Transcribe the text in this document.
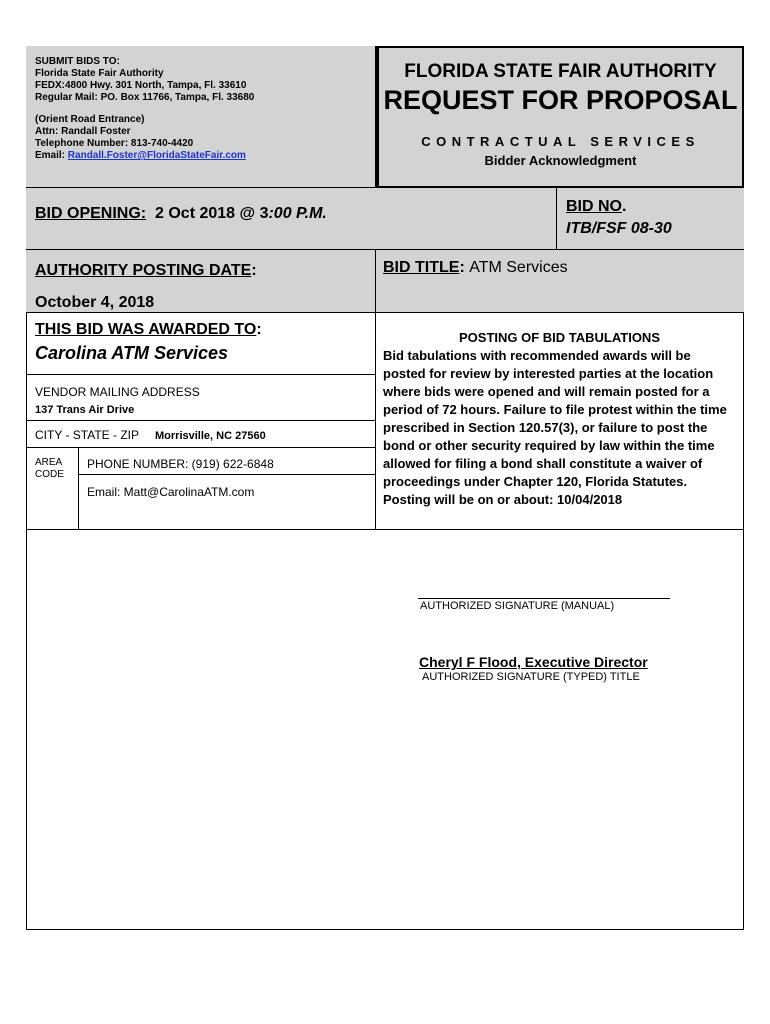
SUBMIT BIDS TO:
Florida State Fair Authority
FEDX:4800 Hwy. 301 North, Tampa, Fl. 33610
Regular Mail: PO. Box 11766, Tampa, Fl. 33680
(Orient Road Entrance)
Attn: Randall Foster
Telephone Number: 813-740-4420
Email: Randall.Foster@FloridaStateFair.com
FLORIDA STATE FAIR AUTHORITY
REQUEST FOR PROPOSAL
CONTRACTUAL SERVICES
Bidder Acknowledgment
BID OPENING: 2 Oct 2018 @ 3:00 P.M.	BID NO.
ITB/FSF 08-30
AUTHORITY POSTING DATE:
October 4, 2018
BID TITLE: ATM Services
THIS BID WAS AWARDED TO:
Carolina ATM Services
VENDOR MAILING ADDRESS
137 Trans Air Drive
CITY - STATE - ZIP Morrisville, NC 27560
AREA
CODE
PHONE NUMBER: (919) 622-6848
Email: Matt@CarolinaATM.com
POSTING OF BID TABULATIONS
Bid tabulations with recommended awards will be posted for review by interested parties at the location where bids were opened and will remain posted for a period of 72 hours. Failure to file protest within the time prescribed in Section 120.57(3), or failure to post the bond or other security required by law within the time allowed for filing a bond shall constitute a waiver of proceedings under Chapter 120, Florida Statutes. Posting will be on or about: 10/04/2018
AUTHORIZED SIGNATURE (MANUAL)
Cheryl F Flood, Executive Director
AUTHORIZED SIGNATURE (TYPED) TITLE
